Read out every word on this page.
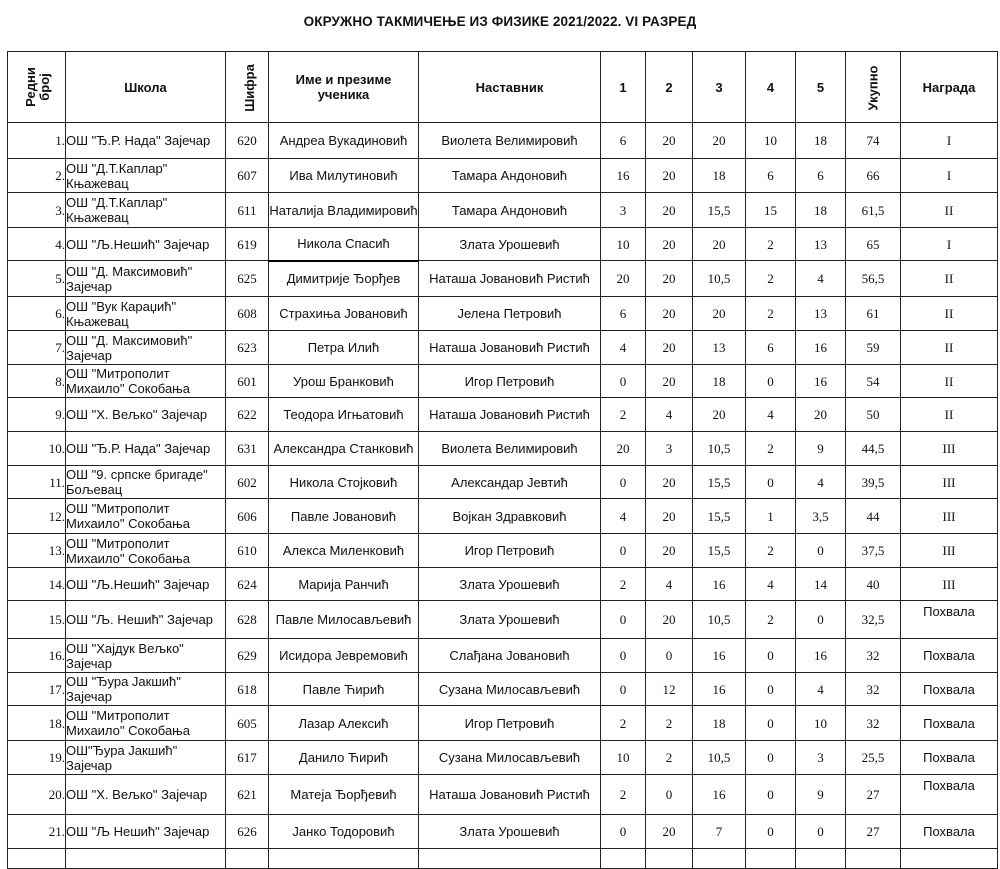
ОКРУЖНО ТАКМИЧЕЊЕ ИЗ ФИЗИКЕ 2021/2022. VI РАЗРЕД
Редни број	Школа	Шифра	Име и презиме ученика	Наставник	1	2	3	4	5	Укупно	Награда
1.	ОШ "Ђ.Р. Нада" Зајечар	620	Андреа Вукадиновић	Виолета Велимировић	6	20	20	10	18	74	I
2.	ОШ "Д.Т.Каплар" Књажевац	607	Ива Милутиновић	Тамара Андоновић	16	20	18	6	6	66	I
3.	ОШ "Д.Т.Каплар" Књажевац	611	Наталија Владимировић	Тамара Андоновић	3	20	15,5	15	18	61,5	II
4.	ОШ "Љ.Нешић" Зајечар	619	Никола Спасић	Злата Урошевић	10	20	20	2	13	65	I
5.	ОШ "Д. Максимовић" Зајечар	625	Димитрије Ђорђев	Наташа Јовановић Ристић	20	20	10,5	2	4	56,5	II
6.	ОШ "Вук Караџић" Књажевац	608	Страхиња Јовановић	Јелена Петровић	6	20	20	2	13	61	II
7.	ОШ "Д. Максимовић" Зајечар	623	Петра Илић	Наташа Јовановић Ристић	4	20	13	6	16	59	II
8.	ОШ "Митрополит Михаило" Сокобања	601	Урош Бранковић	Игор Петровић	0	20	18	0	16	54	II
9.	ОШ "Х. Вељко" Зајечар	622	Теодора Игњатовић	Наташа Јовановић Ристић	2	4	20	4	20	50	II
10.	ОШ "Ђ.Р. Нада" Зајечар	631	Александра Станковић	Виолета Велимировић	20	3	10,5	2	9	44,5	III
11.	ОШ "9. српске бригаде" Бољевац	602	Никола Стојковић	Александар Јевтић	0	20	15,5	0	4	39,5	III
12.	ОШ "Митрополит Михаило" Сокобања	606	Павле Јовановић	Војкан Здравковић	4	20	15,5	1	3,5	44	III
13.	ОШ "Митрополит Михаило" Сокобања	610	Алекса Миленковић	Игор Петровић	0	20	15,5	2	0	37,5	III
14.	ОШ "Љ.Нешић" Зајечар	624	Марија Ранчић	Злата Урошевић	2	4	16	4	14	40	III
15.	ОШ "Љ. Нешић" Зајечар	628	Павле Милосављевић	Злата Урошевић	0	20	10,5	2	0	32,5	Похвала
16.	ОШ "Хајдук Вељко" Зајечар	629	Исидора Јевремовић	Слађана Јовановић	0	0	16	0	16	32	Похвала
17.	ОШ "Ђура Јакшић" Зајечар	618	Павле Ћирић	Сузана Милосављевић	0	12	16	0	4	32	Похвала
18.	ОШ "Митрополит Михаило" Сокобања	605	Лазар Алексић	Игор Петровић	2	2	18	0	10	32	Похвала
19.	ОШ"Ђура Јакшић" Зајечар	617	Данило Ћирић	Сузана Милосављевић	10	2	10,5	0	3	25,5	Похвала
20.	ОШ "Х. Вељко" Зајечар	621	Матеја Ђорђевић	Наташа Јовановић Ристић	2	0	16	0	9	27	Похвала
21.	ОШ "Љ Нешић" Зајечар	626	Јанко Тодоровић	Злата Урошевић	0	20	7	0	0	27	Похвала
